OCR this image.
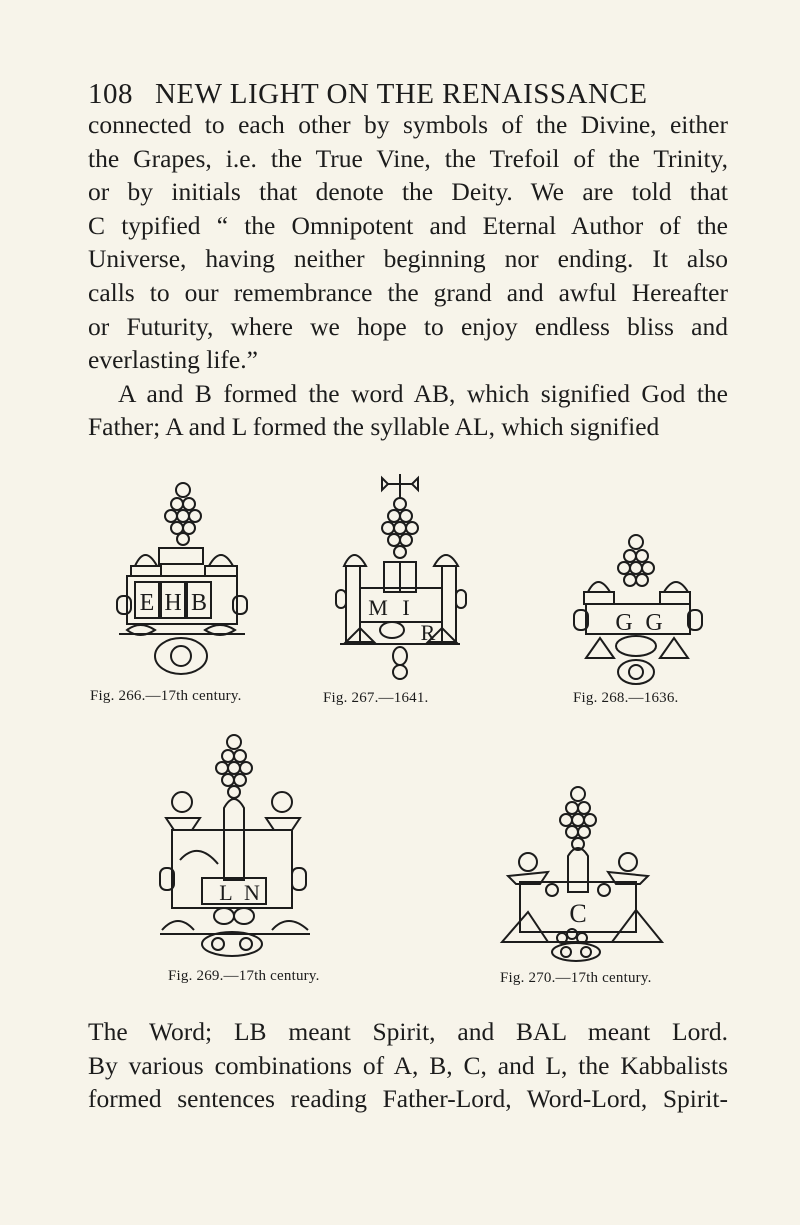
108 NEW LIGHT ON THE RENAISSANCE
connected to each other by symbols of the Divine, either
the Grapes, i.e. the True Vine, the Trefoil of the Trinity,
or by initials that denote the Deity. We are told that
C typified “ the Omnipotent and Eternal Author of the
Universe, having neither beginning nor ending. It also
calls to our remembrance the grand and awful Hereafter
or Futurity, where we hope to enjoy endless bliss and
everlasting life.”
A and B formed the word AB, which signified God the
Father; A and L formed the syllable AL, which signified
E H B
Fig. 266.—17th century.
M I
R
Fig. 267.—1641.
G G
Fig. 268.—1636.
L N
Fig. 269.—17th century.
C
Fig. 270.—17th century.
The Word; LB meant Spirit, and BAL meant Lord.
By various combinations of A, B, C, and L, the Kabbalists
formed sentences reading Father-Lord, Word-Lord, Spirit-
